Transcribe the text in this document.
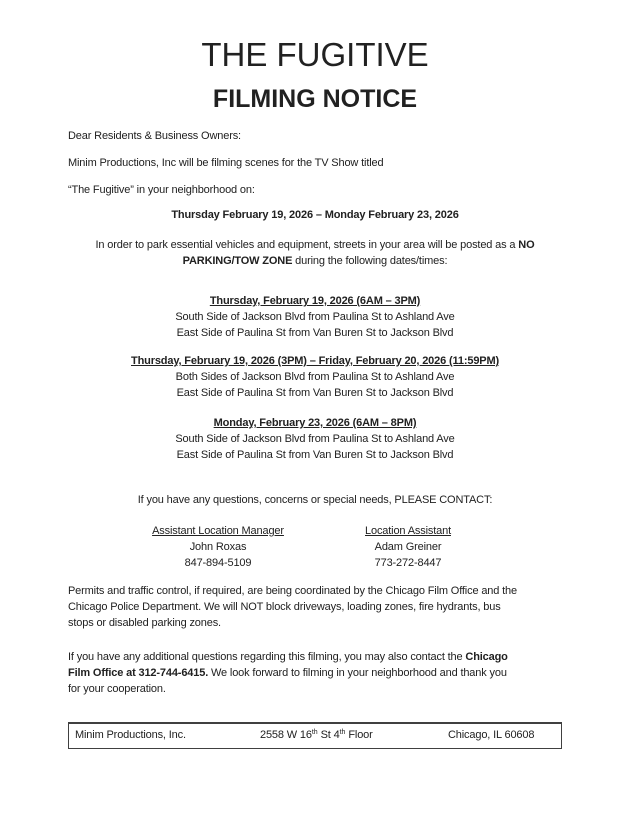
THE FUGITIVE
FILMING NOTICE

Dear Residents & Business Owners:

Minim Productions, Inc will be filming scenes for the TV Show titled

“The Fugitive” in your neighborhood on:

Thursday February 19, 2026 – Monday February 23, 2026

In order to park essential vehicles and equipment, streets in your area will be posted as a NO
PARKING/TOW ZONE during the following dates/times:
Thursday, February 19, 2026 (6AM – 3PM)
South Side of Jackson Blvd from Paulina St to Ashland Ave
East Side of Paulina St from Van Buren St to Jackson Blvd
Thursday, February 19, 2026 (3PM) – Friday, February 20, 2026 (11:59PM)
Both Sides of Jackson Blvd from Paulina St to Ashland Ave
East Side of Paulina St from Van Buren St to Jackson Blvd
Monday, February 23, 2026 (6AM – 8PM)
South Side of Jackson Blvd from Paulina St to Ashland Ave
East Side of Paulina St from Van Buren St to Jackson Blvd
If you have any questions, concerns or special needs, PLEASE CONTACT:
Assistant Location Manager
John Roxas
847-894-5109
Location Assistant
Adam Greiner
773-272-8447
Permits and traffic control, if required, are being coordinated by the Chicago Film Office and the
Chicago Police Department. We will NOT block driveways, loading zones, fire hydrants, bus
stops or disabled parking zones.
If you have any additional questions regarding this filming, you may also contact the Chicago
Film Office at 312-744-6415. We look forward to filming in your neighborhood and thank you
for your cooperation.
Minim Productions, Inc.	2558 W 16th St 4th Floor	Chicago, IL 60608
